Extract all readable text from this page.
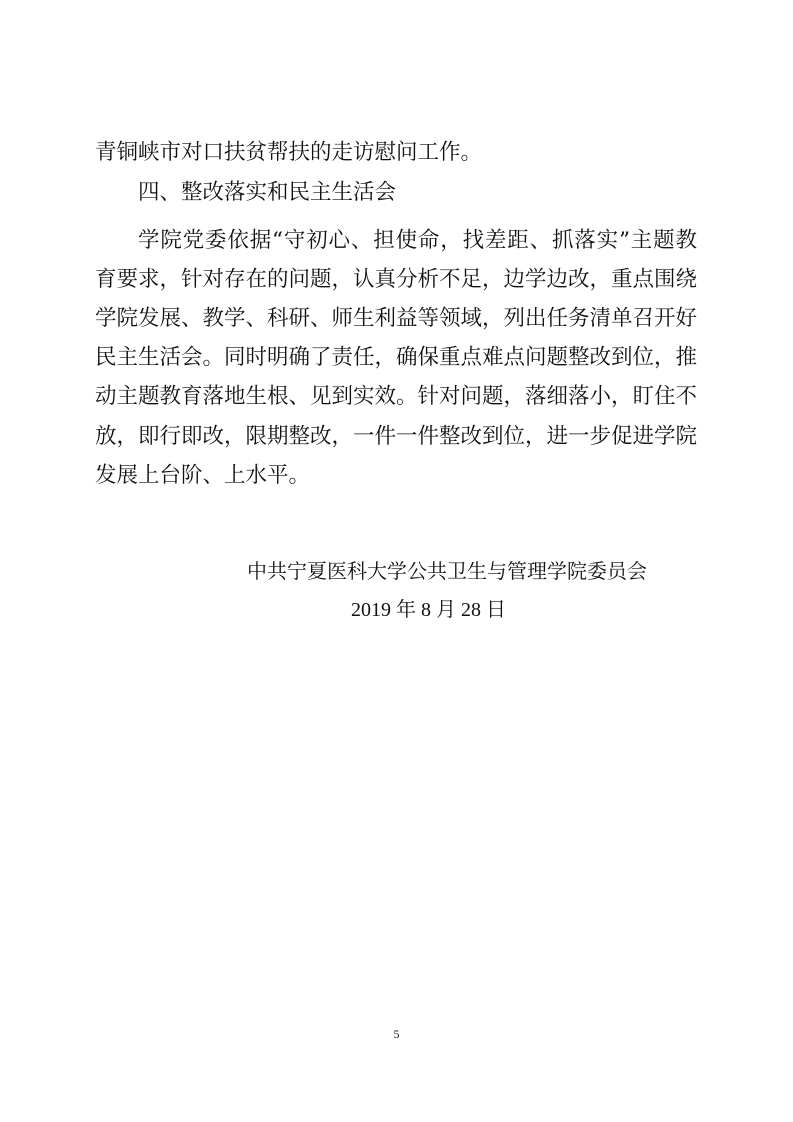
青铜峡市对口扶贫帮扶的走访慰问工作。
四、整改落实和民主生活会
学院党委依据“守初心、担使命，找差距、抓落实”主题教
育要求，针对存在的问题，认真分析不足，边学边改，重点围绕
学院发展、教学、科研、师生利益等领域，列出任务清单召开好
民主生活会。同时明确了责任，确保重点难点问题整改到位，推
动主题教育落地生根、见到实效。针对问题，落细落小，盯住不
放，即行即改，限期整改，一件一件整改到位，进一步促进学院
发展上台阶、上水平。
中共宁夏医科大学公共卫生与管理学院委员会
2019 年 8 月 28 日
5
